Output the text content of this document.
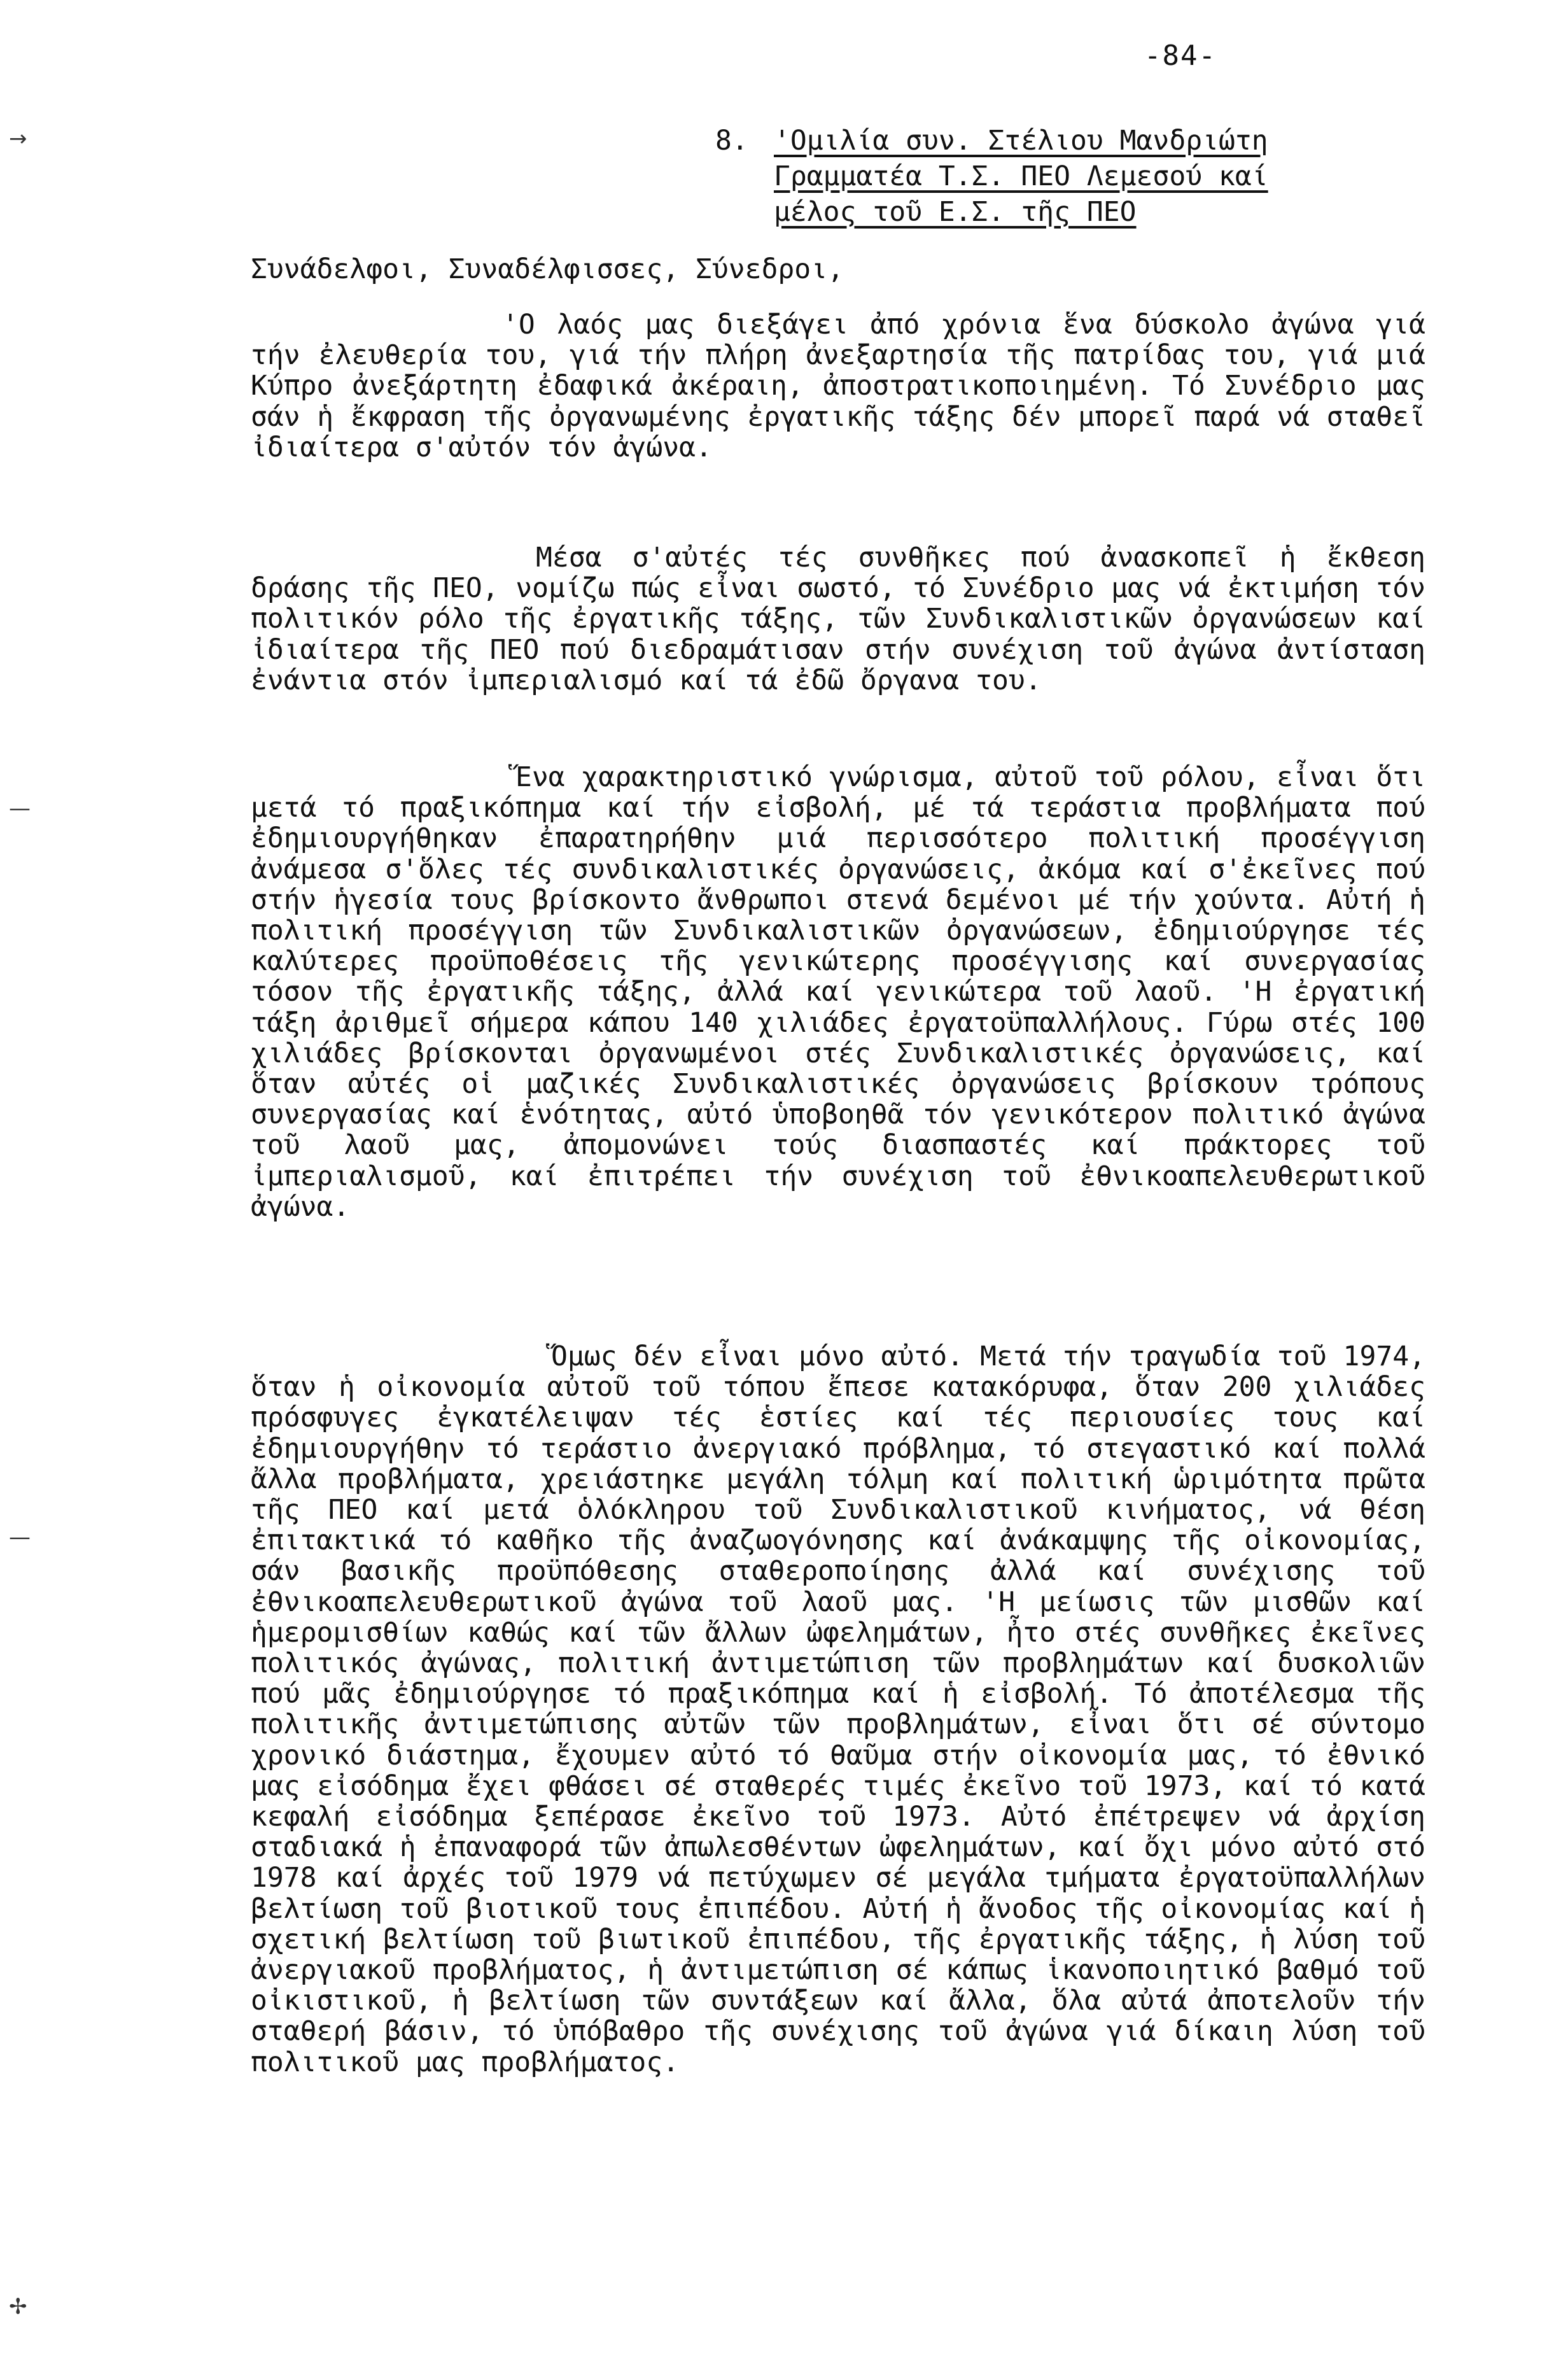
-84-
8. 'Ομιλία συν. Στέλιου Μανδριώτη
Γραμματέα Τ.Σ. ΠΕΟ Λεμεσού καί
μέλος τοῦ Ε.Σ. τῆς ΠΕΟ
Συνάδελφοι, Συναδέλφισσες, Σύνεδροι,
'Ο λαός μας διεξάγει ἀπό χρόνια ἕνα δύσκολο ἀγώνα γιά τήν ἐλευθερία του, γιά τήν πλήρη ἀνεξαρτησία τῆς πατρίδας του, γιά μιά Κύπρο ἀνεξάρτητη ἐδαφικά ἀκέραιη, ἀποστρατικοποιημένη. Τό Συνέδριο μας σάν ἡ ἔκφραση τῆς ὀργανωμένης ἐργατικῆς τάξης δέν μπορεῖ παρά νά σταθεῖ ἰδιαίτερα σ'αὐτόν τόν ἀγώνα.
Μέσα σ'αὐτές τές συνθῆκες πού ἀνασκοπεῖ ἡ ἔκθεση δράσης τῆς ΠΕΟ, νομίζω πώς εἶναι σωστό, τό Συνέδριο μας νά ἐκτιμήση τόν πολιτικόν ρόλο τῆς ἐργατικῆς τάξης, τῶν Συνδικαλιστικῶν ὀργανώσεων καί ἰδιαίτερα τῆς ΠΕΟ πού διεδραμάτισαν στήν συνέχιση τοῦ ἀγώνα ἀντίσταση ἐνάντια στόν ἰμπεριαλισμό καί τά ἐδῶ ὄργανα του.
Ἕνα χαρακτηριστικό γνώρισμα, αὐτοῦ τοῦ ρόλου, εἶναι ὅτι μετά τό πραξικόπημα καί τήν εἰσβολή, μέ τά τεράστια προβλήματα πού ἐδημιουργήθηκαν ἐπαρατηρήθην μιά περισσότερο πολιτική προσέγγιση ἀνάμεσα σ'ὅλες τές συνδικαλιστικές ὀργανώσεις, ἀκόμα καί σ'ἐκεῖνες πού στήν ἡγεσία τους βρίσκοντο ἄνθρωποι στενά δεμένοι μέ τήν χούντα. Αὐτή ἡ πολιτική προσέγγιση τῶν Συνδικαλιστικῶν ὀργανώσεων, ἐδημιούργησε τές καλύτερες προϋποθέσεις τῆς γενικώτερης προσέγγισης καί συνεργασίας τόσον τῆς ἐργατικῆς τάξης, ἀλλά καί γενικώτερα τοῦ λαοῦ. 'Η ἐργατική τάξη ἀριθμεῖ σήμερα κάπου 140 χιλιάδες ἐργατοϋπαλλήλους. Γύρω στές 100 χιλιάδες βρίσκονται ὀργανωμένοι στές Συνδικαλιστικές ὀργανώσεις, καί ὅταν αὐτές οἱ μαζικές Συνδικαλιστικές ὀργανώσεις βρίσκουν τρόπους συνεργασίας καί ἑνότητας, αὐτό ὑποβοηθᾶ τόν γενικότερον πολιτικό ἀγώνα τοῦ λαοῦ μας, ἀπομονώνει τούς διασπαστές καί πράκτορες τοῦ ἰμπεριαλισμοῦ, καί ἐπιτρέπει τήν συνέχιση τοῦ ἐθνικοαπελευθερωτικοῦ ἀγώνα.
Ὅμως δέν εἶναι μόνο αὐτό. Μετά τήν τραγωδία τοῦ 1974, ὅταν ἡ οἰκονομία αὐτοῦ τοῦ τόπου ἔπεσε κατακόρυφα, ὅταν 200 χιλιάδες πρόσφυγες ἐγκατέλειψαν τές ἑστίες καί τές περιουσίες τους καί ἐδημιουργήθην τό τεράστιο ἀνεργιακό πρόβλημα, τό στεγαστικό καί πολλά ἄλλα προβλήματα, χρειάστηκε μεγάλη τόλμη καί πολιτική ὡριμότητα πρῶτα τῆς ΠΕΟ καί μετά ὁλόκληρου τοῦ Συνδικαλιστικοῦ κινήματος, νά θέση ἐπιτακτικά τό καθῆκο τῆς ἀναζωογόνησης καί ἀνάκαμψης τῆς οἰκονομίας, σάν βασικῆς προϋπόθεσης σταθεροποίησης ἀλλά καί συνέχισης τοῦ ἐθνικοαπελευθερωτικοῦ ἀγώνα τοῦ λαοῦ μας. 'Η μείωσις τῶν μισθῶν καί ἡμερομισθίων καθώς καί τῶν ἄλλων ὠφελημάτων, ἦτο στές συνθῆκες ἐκεῖνες πολιτικός ἀγώνας, πολιτική ἀντιμετώπιση τῶν προβλημάτων καί δυσκολιῶν πού μᾶς ἐδημιούργησε τό πραξικόπημα καί ἡ εἰσβολή. Τό ἀποτέλεσμα τῆς πολιτικῆς ἀντιμετώπισης αὐτῶν τῶν προβλημάτων, εἶναι ὅτι σέ σύντομο χρονικό διάστημα, ἔχουμεν αὐτό τό θαῦμα στήν οἰκονομία μας, τό ἐθνικό μας εἰσόδημα ἔχει φθάσει σέ σταθερές τιμές ἐκεῖνο τοῦ 1973, καί τό κατά κεφαλή εἰσόδημα ξεπέρασε ἐκεῖνο τοῦ 1973. Αὐτό ἐπέτρεψεν νά ἀρχίση σταδιακά ἡ ἐπαναφορά τῶν ἀπωλεσθέντων ὠφελημάτων, καί ὄχι μόνο αὐτό στό 1978 καί ἀρχές τοῦ 1979 νά πετύχωμεν σέ μεγάλα τμήματα ἐργατοϋπαλλήλων βελτίωση τοῦ βιοτικοῦ τους ἐπιπέδου. Αὐτή ἡ ἄνοδος τῆς οἰκονομίας καί ἡ σχετική βελτίωση τοῦ βιωτικοῦ ἐπιπέδου, τῆς ἐργατικῆς τάξης, ἡ λύση τοῦ ἀνεργιακοῦ προβλήματος, ἡ ἀντιμετώπιση σέ κάπως ἱκανοποιητικό βαθμό τοῦ οἰκιστικοῦ, ἡ βελτίωση τῶν συντάξεων καί ἄλλα, ὅλα αὐτά ἀποτελοῦν τήν σταθερή βάσιν, τό ὑπόβαθρο τῆς συνέχισης τοῦ ἀγώνα γιά δίκαιη λύση τοῦ πολιτικοῦ μας προβλήματος.
→
—
—
✢
